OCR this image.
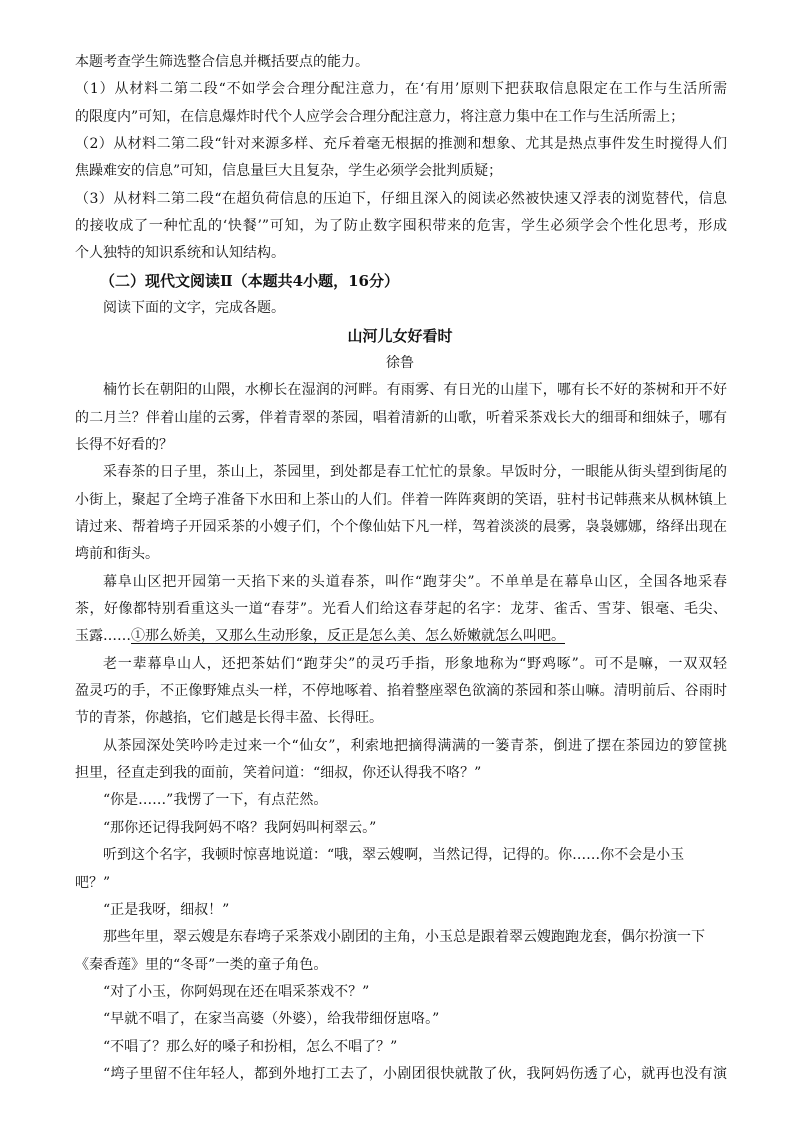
本题考查学生筛选整合信息并概括要点的能力。
（1）从材料二第二段“不如学会合理分配注意力，在‘有用’原则下把获取信息限定在工作与生活所需
的限度内”可知，在信息爆炸时代个人应学会合理分配注意力，将注意力集中在工作与生活所需上；
（2）从材料二第二段“针对来源多样、充斥着毫无根据的推测和想象、尤其是热点事件发生时搅得人们
焦躁难安的信息”可知，信息量巨大且复杂，学生必须学会批判质疑；
（3）从材料二第二段“在超负荷信息的压迫下，仔细且深入的阅读必然被快速又浮表的浏览替代，信息
的接收成了一种忙乱的‘快餐’”可知，为了防止数字囤积带来的危害，学生必须学会个性化思考，形成
个人独特的知识系统和认知结构。
（二）现代文阅读Ⅱ（本题共4小题，16分）
阅读下面的文字，完成各题。
山河儿女好看时
徐鲁
楠竹长在朝阳的山隈，水柳长在湿润的河畔。有雨雾、有日光的山崖下，哪有长不好的茶树和开不好
的二月兰？伴着山崖的云雾，伴着青翠的茶园，唱着清新的山歌，听着采茶戏长大的细哥和细妹子，哪有
长得不好看的？
采春茶的日子里，茶山上，茶园里，到处都是春工忙忙的景象。早饭时分，一眼能从街头望到街尾的
小街上，聚起了全塆子准备下水田和上茶山的人们。伴着一阵阵爽朗的笑语，驻村书记韩燕来从枫林镇上
请过来、帮着塆子开园采茶的小嫂子们，个个像仙姑下凡一样，驾着淡淡的晨雾，袅袅娜娜，络绎出现在
塆前和街头。
幕阜山区把开园第一天掐下来的头道春茶，叫作“跑芽尖”。不单单是在幕阜山区，全国各地采春
茶，好像都特别看重这头一道“春芽”。光看人们给这春芽起的名字：龙芽、雀舌、雪芽、银毫、毛尖、
玉露……①那么娇美，又那么生动形象，反正是怎么美、怎么娇嫩就怎么叫吧。
老一辈幕阜山人，还把茶姑们“跑芽尖”的灵巧手指，形象地称为“野鸡啄”。可不是嘛，一双双轻
盈灵巧的手，不正像野雉点头一样，不停地啄着、掐着整座翠色欲滴的茶园和茶山嘛。清明前后、谷雨时
节的青茶，你越掐，它们越是长得丰盈、长得旺。
从茶园深处笑吟吟走过来一个“仙女”，利索地把摘得满满的一篓青茶，倒进了摆在茶园边的箩筐挑
担里，径直走到我的面前，笑着问道：“细叔，你还认得我不咯？”
“你是……”我愣了一下，有点茫然。
“那你还记得我阿妈不咯？我阿妈叫柯翠云。”
听到这个名字，我顿时惊喜地说道：“哦，翠云嫂啊，当然记得，记得的。你……你不会是小玉
吧？”
“正是我呀，细叔！”
那些年里，翠云嫂是东春塆子采茶戏小剧团的主角，小玉总是跟着翠云嫂跑跑龙套，偶尔扮演一下
《秦香莲》里的“冬哥”一类的童子角色。
“对了小玉，你阿妈现在还在唱采茶戏不？”
“早就不唱了，在家当高婆（外婆），给我带细伢崽咯。”
“不唱了？那么好的嗓子和扮相，怎么不唱了？”
“塆子里留不住年轻人，都到外地打工去了，小剧团很快就散了伙，我阿妈伤透了心，就再也没有演
